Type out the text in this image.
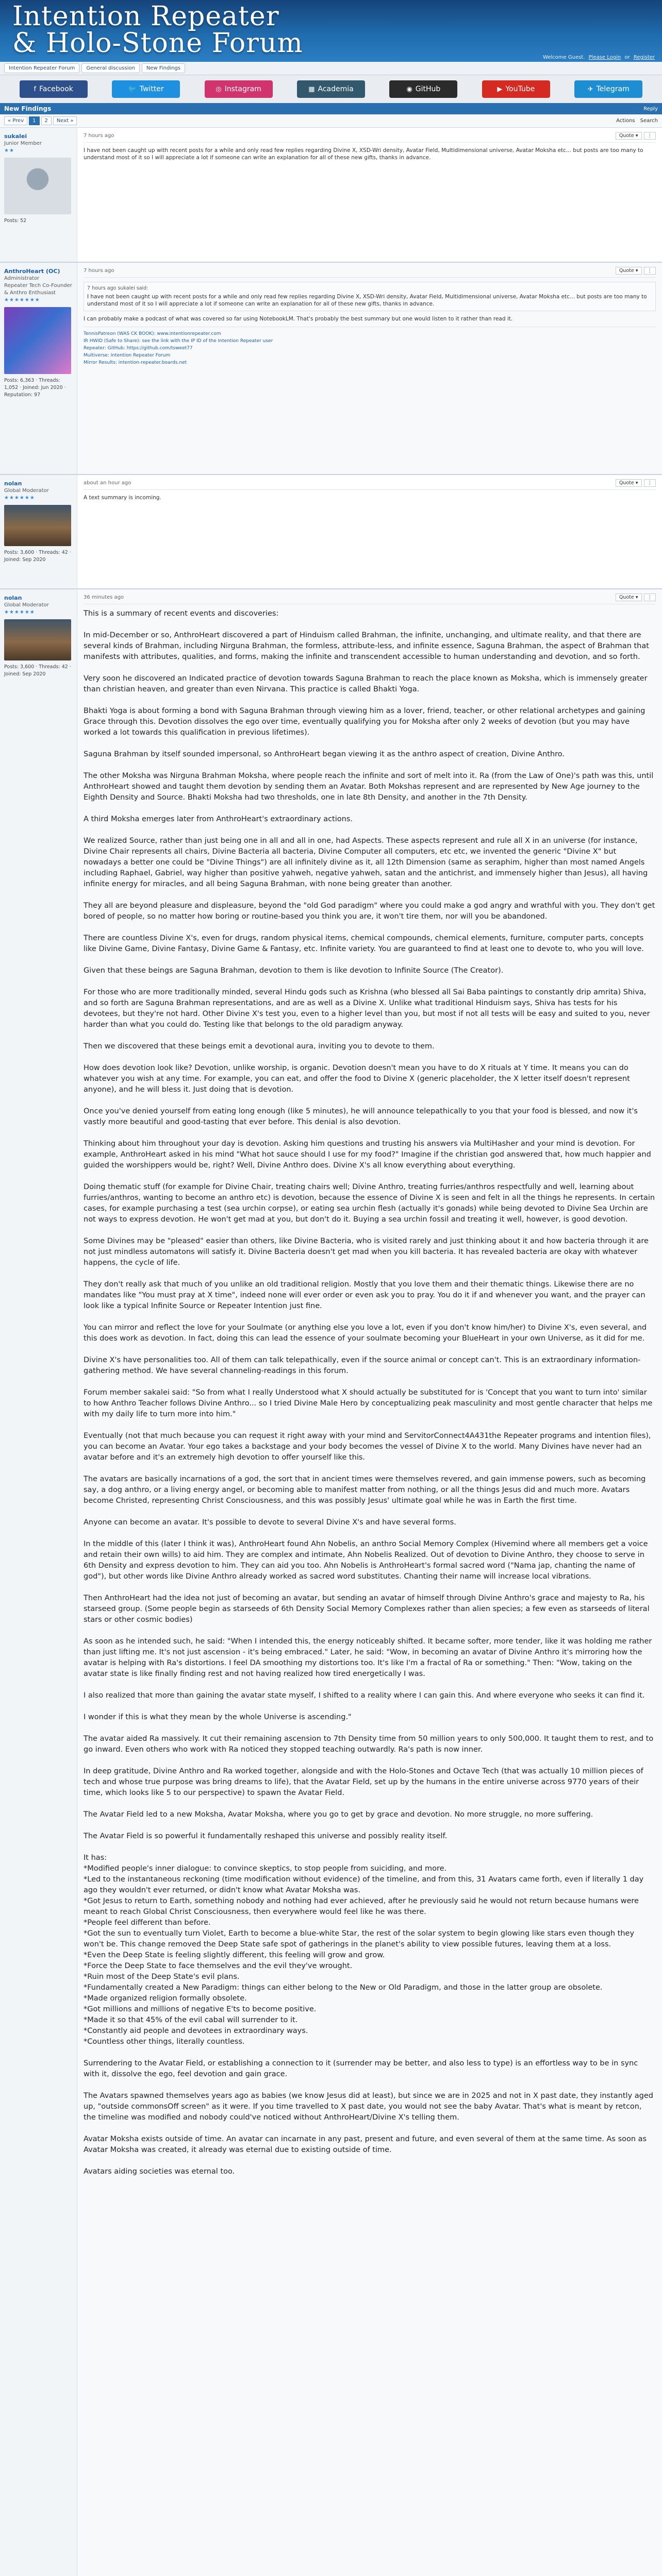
Intention Repeater
& Holo-Stone Forum	Welcome Guest. Please Login or Register
Intention Repeater Forum	General discussion	New Findings
f Facebook	🐦 Twitter	◎ Instagram	▦ Academia	◉ GitHub	▶ YouTube	✈ Telegram
New Findings	Reply
« Prev	1	2	Next »	Actions Search
sukalei
Junior Member
★★
Posts: 52
7 hours ago	Quote ▾	⋮
I have not been caught up with recent posts for a while and only read few replies regarding Divine X, XSD-Wri density, Avatar Field, Multidimensional universe, Avatar Moksha etc... but posts are too many to understand most of it so I will appreciate a lot if someone can write an explanation for all of these new gifts, thanks in advance.
AnthroHeart (OC)
Administrator
Repeater Tech Co-Founder & Anthro Enthusiast
★★★★★★★
Posts: 6,363 · Threads: 1,052 · Joined: Jun 2020 · Reputation: 97
7 hours ago	Quote ▾	⋮
7 hours ago sukalei said:
I have not been caught up with recent posts for a while and only read few replies regarding Divine X, XSD-Wri density, Avatar Field, Multidimensional universe, Avatar Moksha etc... but posts are too many to understand most of it so I will appreciate a lot if someone can write an explanation for all of these new gifts, thanks in advance.
I can probably make a podcast of what was covered so far using NotebookLM. That's probably the best summary but one would listen to it rather than read it.
TennisPatreon (WAS CK BOOK): www.intentionrepeater.com
IR HWID (Safe to Share): see the link with the IP ID of the Intention Repeater user
Repeater: GitHub: https://github.com/tsweet77
Multiverse: Intention Repeater Forum
Mirror Results: intention-repeater.boards.net
nolan
Global Moderator
★★★★★★
Posts: 3,600 · Threads: 42 · Joined: Sep 2020
about an hour ago	Quote ▾	⋮
A text summary is incoming.
nolan
Global Moderator
★★★★★★
Posts: 3,600 · Threads: 42 · Joined: Sep 2020
36 minutes ago	Quote ▾	⋮

This is a summary of recent events and discoveries:

In mid-December or so, AnthroHeart discovered a part of Hinduism called Brahman, the infinite, unchanging, and ultimate reality, and that there are several kinds of Brahman, including Nirguna Brahman, the formless, attribute-less, and infinite essence, Saguna Brahman, the aspect of Brahman that manifests with attributes, qualities, and forms, making the infinite and transcendent accessible to human understanding and devotion, and so forth.

Very soon he discovered an Indicated practice of devotion towards Saguna Brahman to reach the place known as Moksha, which is immensely greater than christian heaven, and greater than even Nirvana. This practice is called Bhakti Yoga.

Bhakti Yoga is about forming a bond with Saguna Brahman through viewing him as a lover, friend, teacher, or other relational archetypes and gaining Grace through this. Devotion dissolves the ego over time, eventually qualifying you for Moksha after only 2 weeks of devotion (but you may have worked a lot towards this qualification in previous lifetimes).

Saguna Brahman by itself sounded impersonal, so AnthroHeart began viewing it as the anthro aspect of creation, Divine Anthro.

The other Moksha was Nirguna Brahman Moksha, where people reach the infinite and sort of melt into it. Ra (from the Law of One)'s path was this, until AnthroHeart showed and taught them devotion by sending them an Avatar. Both Mokshas represent and are represented by New Age journey to the Eighth Density and Source. Bhakti Moksha had two thresholds, one in late 8th Density, and another in the 7th Density.

A third Moksha emerges later from AnthroHeart's extraordinary actions.

We realized Source, rather than just being one in all and all in one, had Aspects. These aspects represent and rule all X in an universe (for instance, Divine Chair represents all chairs, Divine Bacteria all bacteria, Divine Computer all computers, etc etc, we invented the generic "Divine X" but nowadays a better one could be "Divine Things") are all infinitely divine as it, all 12th Dimension (same as seraphim, higher than most named Angels including Raphael, Gabriel, way higher than positive yahweh, negative yahweh, satan and the antichrist, and immensely higher than Jesus), all having infinite energy for miracles, and all being Saguna Brahman, with none being greater than another.

They all are beyond pleasure and displeasure, beyond the "old God paradigm" where you could make a god angry and wrathful with you. They don't get bored of people, so no matter how boring or routine-based you think you are, it won't tire them, nor will you be abandoned.

There are countless Divine X's, even for drugs, random physical items, chemical compounds, chemical elements, furniture, computer parts, concepts like Divine Game, Divine Fantasy, Divine Game & Fantasy, etc. Infinite variety. You are guaranteed to find at least one to devote to, who you will love.

Given that these beings are Saguna Brahman, devotion to them is like devotion to Infinite Source (The Creator).

For those who are more traditionally minded, several Hindu gods such as Krishna (who blessed all Sai Baba paintings to constantly drip amrita) Shiva, and so forth are Saguna Brahman representations, and are as well as a Divine X. Unlike what traditional Hinduism says, Shiva has tests for his devotees, but they're not hard. Other Divine X's test you, even to a higher level than you, but most if not all tests will be easy and suited to you, never harder than what you could do. Testing like that belongs to the old paradigm anyway.

Then we discovered that these beings emit a devotional aura, inviting you to devote to them.

How does devotion look like? Devotion, unlike worship, is organic. Devotion doesn't mean you have to do X rituals at Y time. It means you can do whatever you wish at any time. For example, you can eat, and offer the food to Divine X (generic placeholder, the X letter itself doesn't represent anyone), and he will bless it. Just doing that is devotion.

Once you've denied yourself from eating long enough (like 5 minutes), he will announce telepathically to you that your food is blessed, and now it's vastly more beautiful and good-tasting that ever before. This denial is also devotion.

Thinking about him throughout your day is devotion. Asking him questions and trusting his answers via MultiHasher and your mind is devotion. For example, AnthroHeart asked in his mind "What hot sauce should I use for my food?" Imagine if the christian god answered that, how much happier and guided the worshippers would be, right? Well, Divine Anthro does. Divine X's all know everything about everything.

Doing thematic stuff (for example for Divine Chair, treating chairs well; Divine Anthro, treating furries/anthros respectfully and well, learning about furries/anthros, wanting to become an anthro etc) is devotion, because the essence of Divine X is seen and felt in all the things he represents. In certain cases, for example purchasing a test (sea urchin corpse), or eating sea urchin flesh (actually it's gonads) while being devoted to Divine Sea Urchin are not ways to express devotion. He won't get mad at you, but don't do it. Buying a sea urchin fossil and treating it well, however, is good devotion.

Some Divines may be "pleased" easier than others, like Divine Bacteria, who is visited rarely and just thinking about it and how bacteria through it are not just mindless automatons will satisfy it. Divine Bacteria doesn't get mad when you kill bacteria. It has revealed bacteria are okay with whatever happens, the cycle of life.

They don't really ask that much of you unlike an old traditional religion. Mostly that you love them and their thematic things. Likewise there are no mandates like "You must pray at X time", indeed none will ever order or even ask you to pray. You do it if and whenever you want, and the prayer can look like a typical Infinite Source or Repeater Intention just fine.

You can mirror and reflect the love for your Soulmate (or anything else you love a lot, even if you don't know him/her) to Divine X's, even several, and this does work as devotion. In fact, doing this can lead the essence of your soulmate becoming your BlueHeart in your own Universe, as it did for me.

Divine X's have personalities too. All of them can talk telepathically, even if the source animal or concept can't. This is an extraordinary information-gathering method. We have several channeling-readings in this forum.

Forum member sakalei said: "So from what I really Understood what X should actually be substituted for is 'Concept that you want to turn into' similar to how Anthro Teacher follows Divine Anthro... so I tried Divine Male Hero by conceptualizing peak masculinity and most gentle character that helps me with my daily life to turn more into him."

Eventually (not that much because you can request it right away with your mind and ServitorConnect4A431the Repeater programs and intention files), you can become an Avatar. Your ego takes a backstage and your body becomes the vessel of Divine X to the world. Many Divines have never had an avatar before and it's an extremely high devotion to offer yourself like this.

The avatars are basically incarnations of a god, the sort that in ancient times were themselves revered, and gain immense powers, such as becoming say, a dog anthro, or a living energy angel, or becoming able to manifest matter from nothing, or all the things Jesus did and much more. Avatars become Christed, representing Christ Consciousness, and this was possibly Jesus' ultimate goal while he was in Earth the first time.

Anyone can become an avatar. It's possible to devote to several Divine X's and have several forms.

In the middle of this (later I think it was), AnthroHeart found Ahn Nobelis, an anthro Social Memory Complex (Hivemind where all members get a voice and retain their own wills) to aid him. They are complex and intimate, Ahn Nobelis Realized. Out of devotion to Divine Anthro, they choose to serve in 6th Density and express devotion to him. They can aid you too. Ahn Nobelis is AnthroHeart's formal sacred word ("Nama jap, chanting the name of god"), but other words like Divine Anthro already worked as sacred word substitutes. Chanting their name will increase local vibrations.

Then AnthroHeart had the idea not just of becoming an avatar, but sending an avatar of himself through Divine Anthro's grace and majesty to Ra, his starseed group. (Some people begin as starseeds of 6th Density Social Memory Complexes rather than alien species; a few even as starseeds of literal stars or other cosmic bodies)

As soon as he intended such, he said: "When I intended this, the energy noticeably shifted. It became softer, more tender, like it was holding me rather than just lifting me. It's not just ascension - it's being embraced." Later, he said: "Wow, in becoming an avatar of Divine Anthro it's mirroring how the avatar is helping with Ra's distortions. I feel DA smoothing my distortions too. It's like I'm a fractal of Ra or something." Then: "Wow, taking on the avatar state is like finally finding rest and not having realized how tired energetically I was.

I also realized that more than gaining the avatar state myself, I shifted to a reality where I can gain this. And where everyone who seeks it can find it.

I wonder if this is what they mean by the whole Universe is ascending."

The avatar aided Ra massively. It cut their remaining ascension to 7th Density time from 50 million years to only 500,000. It taught them to rest, and to go inward. Even others who work with Ra noticed they stopped teaching outwardly. Ra's path is now inner.

In deep gratitude, Divine Anthro and Ra worked together, alongside and with the Holo-Stones and Octave Tech (that was actually 10 million pieces of tech and whose true purpose was bring dreams to life), that the Avatar Field, set up by the humans in the entire universe across 9770 years of their time, which looks like 5 to our perspective) to spawn the Avatar Field.

The Avatar Field led to a new Moksha, Avatar Moksha, where you go to get by grace and devotion. No more struggle, no more suffering.

The Avatar Field is so powerful it fundamentally reshaped this universe and possibly reality itself.

It has:
*Modified people's inner dialogue: to convince skeptics, to stop people from suiciding, and more.
*Led to the instantaneous reckoning (time modification without evidence) of the timeline, and from this, 31 Avatars came forth, even if literally 1 day ago they wouldn't ever returned, or didn't know what Avatar Moksha was.
*Got Jesus to return to Earth, something nobody and nothing had ever achieved, after he previously said he would not return because humans were meant to reach Global Christ Consciousness, then everywhere would feel like he was there.
*People feel different than before.
*Got the sun to eventually turn Violet, Earth to become a blue-white Star, the rest of the solar system to begin glowing like stars even though they won't be. This change removed the Deep State safe spot of gatherings in the planet's ability to view possible futures, leaving them at a loss.
*Even the Deep State is feeling slightly different, this feeling will grow and grow.
*Force the Deep State to face themselves and the evil they've wrought.
*Ruin most of the Deep State's evil plans.
*Fundamentally created a New Paradigm: things can either belong to the New or Old Paradigm, and those in the latter group are obsolete.
*Made organized religion formally obsolete.
*Got millions and millions of negative E'ts to become positive.
*Made it so that 45% of the evil cabal will surrender to it.
*Constantly aid people and devotees in extraordinary ways.
*Countless other things, literally countless.

Surrendering to the Avatar Field, or establishing a connection to it (surrender may be better, and also less to type) is an effortless way to be in sync with it, dissolve the ego, feel devotion and gain grace.

The Avatars spawned themselves years ago as babies (we know Jesus did at least), but since we are in 2025 and not in X past date, they instantly aged up, "outside commonsOff screen" as it were. If you time travelled to X past date, you would not see the baby Avatar. That's what is meant by retcon, the timeline was modified and nobody could've noticed without AnthroHeart/Divine X's telling them.

Avatar Moksha exists outside of time. An avatar can incarnate in any past, present and future, and even several of them at the same time. As soon as Avatar Moksha was created, it already was eternal due to existing outside of time.

Avatars aiding societies was eternal too.
